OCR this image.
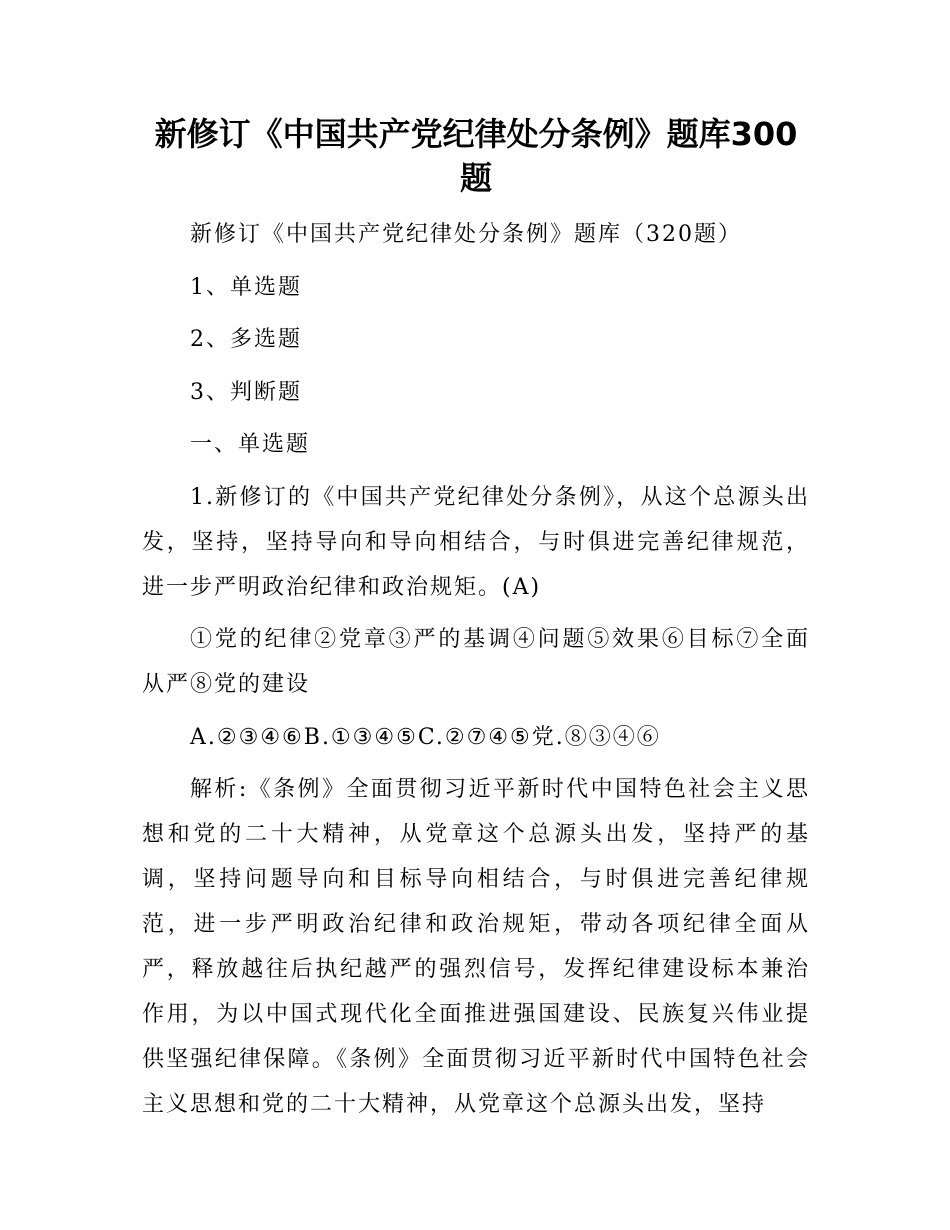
新修订《中国共产党纪律处分条例》题库300题

新修订《中国共产党纪律处分条例》题库（320题）

1、单选题

2、多选题

3、判断题

一、单选题

1.新修订的《中国共产党纪律处分条例》，从这个总源头出发，坚持，坚持导向和导向相结合，与时俱进完善纪律规范，进一步严明政治纪律和政治规矩。(A)

①党的纪律②党章③严的基调④问题⑤效果⑥目标⑦全面从严⑧党的建设

A.②③④⑥B.①③④⑤C.②⑦④⑤党.⑧③④⑥

解析:《条例》全面贯彻习近平新时代中国特色社会主义思想和党的二十大精神，从党章这个总源头出发，坚持严的基调，坚持问题导向和目标导向相结合，与时俱进完善纪律规范，进一步严明政治纪律和政治规矩，带动各项纪律全面从严，释放越往后执纪越严的强烈信号，发挥纪律建设标本兼治作用，为以中国式现代化全面推进强国建设、民族复兴伟业提供坚强纪律保障。《条例》全面贯彻习近平新时代中国特色社会主义思想和党的二十大精神，从党章这个总源头出发，坚持
